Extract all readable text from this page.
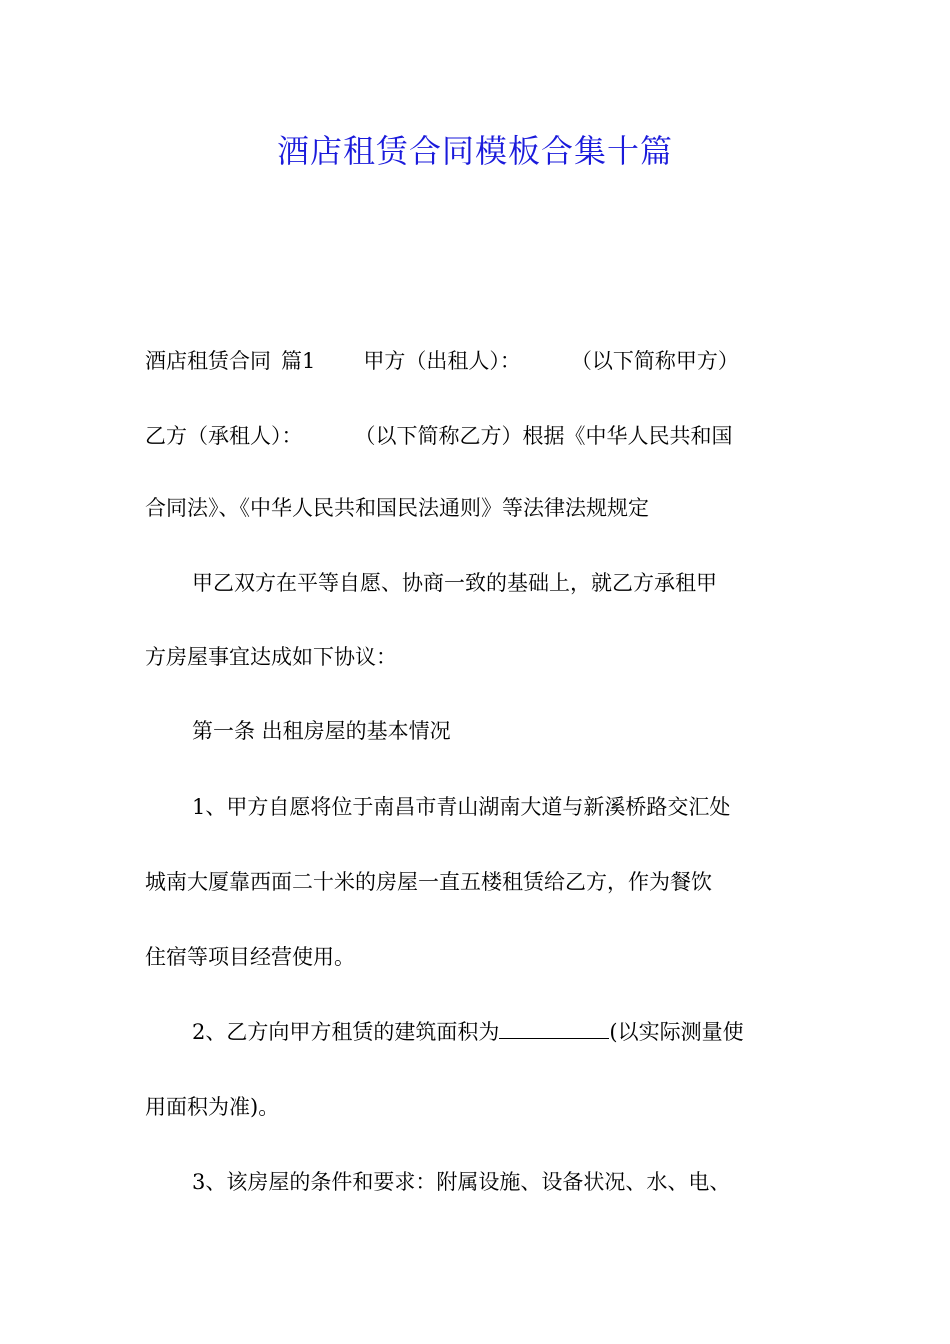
酒店租赁合同模板合集十篇
酒店租赁合同 篇1 甲方（出租人）： （以下简称甲方）
乙方（承租人）： （以下简称乙方）根据《中华人民共和国
合同法》、《中华人民共和国民法通则》等法律法规规定
甲乙双方在平等自愿、协商一致的基础上，就乙方承租甲
方房屋事宜达成如下协议：
第一条 出租房屋的基本情况
1、甲方自愿将位于南昌市青山湖南大道与新溪桥路交汇处
城南大厦靠西面二十米的房屋一直五楼租赁给乙方，作为餐饮
住宿等项目经营使用。
2、乙方向甲方租赁的建筑面积为	(以实际测量使
用面积为准)。
3、该房屋的条件和要求：附属设施、设备状况、水、电、
